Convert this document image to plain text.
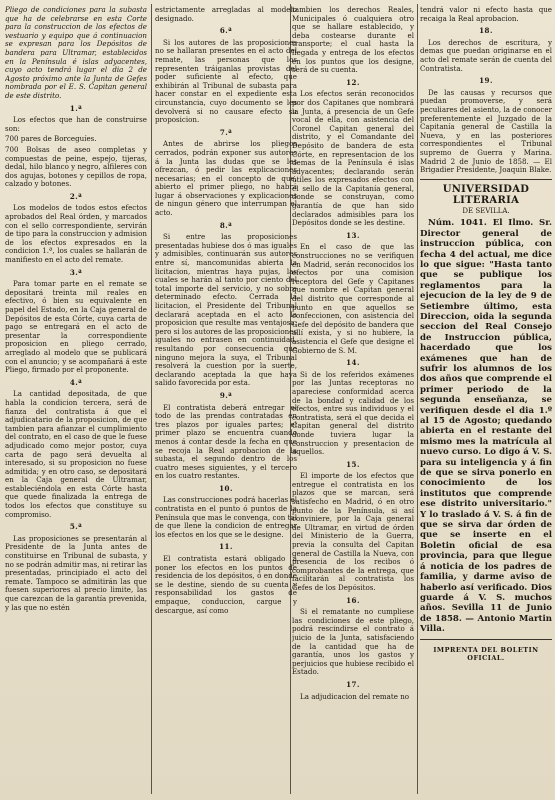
Pliego de condiciones para la subasta que ha de celebrarse en esta Corte para la construccion de los efectos de vestuario y equipo que á continuacion se expresan para los Depósitos de bandera para Ultramar, establecidos en la Península é islas adyacentes, cuyo acto tendrá lugar el dia 2 de Agosto próximo ante la Junta de Gefes nombrada por el E. S. Capitan general de este distrito.

1.ª

Los efectos que han de construirse son:

700 pares de Borceguíes.

700 Bolsas de aseo completas y compuestas de peine, espejo, tijeras, dedal, hilo blanco y negro, alfileres con dos agujas, botones y cepillos de ropa, calzado y botones.

2.ª

Los modelos de todos estos efectos aprobados del Real órden, y marcados con el sello correspondiente, servirán de tipo para la construccion y admision de los efectos expresados en la condicion 1.ª, los cuales se hallarán de manifiesto en el acto del remate.

3.ª

Para tomar parte en el remate se depositará treinta mil reales en efectivo, ó bien su equivalente en papel del Estado, en la Caja general de Depósitos de esta Córte, cuya carta de pago se entregará en el acto de presentar la correspondiente proposicion en pliego cerrado, arreglado al modelo que se publicará con el anuncio; y se acompañará á este Pliego, firmado por el proponente.

4.ª

La cantidad depositada, de que habla la condicion tercera, será de fianza del contratista á que el adjudicatario de la proposicion, de que tambien para afianzar el cumplimiento del contrato, en el caso de que le fuese adjudicado como mejor postor, cuya carta de pago será devuelta al interesado, si su proposicion no fuese admitida; y en otro caso, se depositará en la Caja general de Ultramar, estableciéndola en esta Córte hasta que quede finalizada la entrega de todos los efectos que constituye su compromiso.

5.ª

Las proposiciones se presentarán al Presidente de la Junta antes de constituirse en Tribunal de subasta, y no se podrán admitir mas, ni retirar las presentadas, principiado el acto del remate. Tampoco se admitirán las que fuesen superiores al precio limite, las que carezcan de la garantía prevenida, y las que no estén

estrictamente arregladas al modelo designado.

6.ª

Si los autores de las proposiciones no se hallaran presentes en el acto del remate, las personas que los representen tráiganlas provistas del poder suficiente al efecto, que exhibirán al Tribunal de subasta para hacer constar en el expediente esta circunstancia, cuyo documento se les devolverá si no causare efecto su proposicion.

7.ª

Antes de abrirse los pliegos cerrados, podrán exponer sus autores á la Junta las dudas que se les ofrezcan, ó pedir las explicaciones necesarias; en el concepto de que, abierto el primer pliego, no habrá lugar á observaciones y explicaciones de ningun género que interrumpan el acto.

8.ª

Si entre las proposiciones presentadas hubiese dos ó mas iguales y admisibles, continuarán sus autores entre sí, mancomunidas abierta la licitacion, mientras haya pujas, las cuales se harán al tanto por ciento del total importe del servicio, y no sobre determinado efecto. Cerrada la licitacion, el Presidente del Tribunal declarará aceptada en el acto la proposicion que resulte mas ventajosa; pero si los autores de las proposiciones iguales no entrasen en continuidad, resultando por consecuencia que ninguno mejora la suya, el Tribunal resolverá la cuestion por la suerte, declarando aceptada la que haya salido favorecida por esta.

9.ª

El contratista deberá entregar el todo de las prendas contratadas en tres plazos por iguales partes; el primer plazo se encuentra cuando menos á contar desde la fecha en que se recoja la Real aprobacion de la subasta, el segundo dentro de los cuatro meses siguientes, y el tercero en los cuatro restantes.

10.

Las construcciones podrá hacerlas el contratista en el punto ó puntos de la Península que mas le convenga, con tal de que llene la condicion de entregar los efectos en los que se le designe.

11.

El contratista estará obligado á poner los efectos en los puntos de residencia de los depósitos, ó en donde se le destine, siendo de su cuenta y responsabilidad los gastos de empaque, conduccion, cargue y descargue, así como

tambien los derechos Reales, Municipales ó cualquiera otro que se hallare establecido, y deba costearse durante el transporte; el cual hasta la llegada y entrega de los efectos en los puntos que los designe, será de su cuenta.

12.

Los efectos serán reconocidos por dos Capitanes que nombrará la Junta, á presencia de un Gefe vocal de ella, con asistencia del Coronel Capitan general del distrito, y el Comandante del Depósito de bandera de esta Córte, en representacion de los demas de la Península é islas adyacentes; declarando serán útiles los expresados efectos con el sello de la Capitanía general, donde se construyan, como garantía de que han sido declarados admisibles para los Depósitos donde se les destine.

13.

En el caso de que las construcciones no se verifiquen en Madrid, serán reconocidos los efectos por una comision receptora del Gefe y Capitanes que nombre el Capitan general del distrito que corresponde al punto en que aquellos se confeccionen, con asistencia del Gefe del depósito de bandera que allí exista, y si no hubiere, la asistencia el Gefe que designe el Gobierno de S. M.

14.

Si de los referidos exámenes por las Juntas receptoras no apareciese conformidad acerca de la bondad y calidad de los efectos, entre sus individuos y el contratista, será el que decida el Capitan general del distrito donde tuviera lugar la construccion y presentacion de aquellos.

15.

El importe de los efectos que entregue el contratista en los plazos que se marcan, será satisfecho en Madrid, ó en otro punto de la Península, si así conviniere, por la Caja general de Ultramar, en virtud de órden del Ministerio de la Guerra, previa la consulta del Capitan general de Castilla la Nueva, con presencia de los recibos ó comprobantes de la entrega, que facilitarán al contratista los Gefes de los Depósitos.

16.

Si el rematante no cumpliese las condiciones de este pliego, podrá rescindirse el contrato á juicio de la Junta, satisfaciendo de la cantidad que ha de garantía, unos los gastos y perjuicios que hubiese recibido el Estado.

17.

La adjudicacion del remate no

tendrá valor ni efecto hasta que recaiga la Real aprobacion.

18.

Los derechos de escritura, y demas que puedan originarse en el acto del remate serán de cuenta del Contratista.

19.

De las causas y recursos que puedan promoverse, y será peculiares del asiento, la de conocer preferentemente el Juzgado de la Capitanía general de Castilla la Nueva, y en las posteriores correspondientes el Tribunal supremo de Guerra y Marina. Madrid 2 de Junio de 1858. — El Brigadier Presidente, Joaquin Blake.

UNIVERSIDAD LITERARIA
DE SEVILLA.

Núm. 1041. El Ilmo. Sr. Director general de instruccion pública, con fecha 4 del actual, me dice lo que sigue: "Hasta tanto que se publique los reglamentos para la ejecucion de la ley de 9 de Setiembre último, esta Direccion, oida la segunda seccion del Real Consejo de Instruccion pública, hacerdado que los exámenes que han de sufrir los alumnos de los dos años que comprende el primer periodo de la segunda enseñanza, se verifiquen desde el dia 1.º al 15 de Agosto; quedando abierta en el restante del mismo mes la matrícula al nuevo curso. Lo digo á V. S. para su inteligencia y á fin de que se sirva ponerlo en conocimiento de los institutos que comprende ese distrito universitario." Y lo traslado á V. S. á fin de que se sirva dar órden de que se inserte en el Boletin oficial de esa provincia, para que llegue á noticia de los padres de familia, y darme aviso de haberlo así verificado. Dios guarde á V. S. muchos años. Sevilla 11 de Junio de 1858. — Antonio Martin Villa.

IMPRENTA DEL BOLETIN OFICIAL.
